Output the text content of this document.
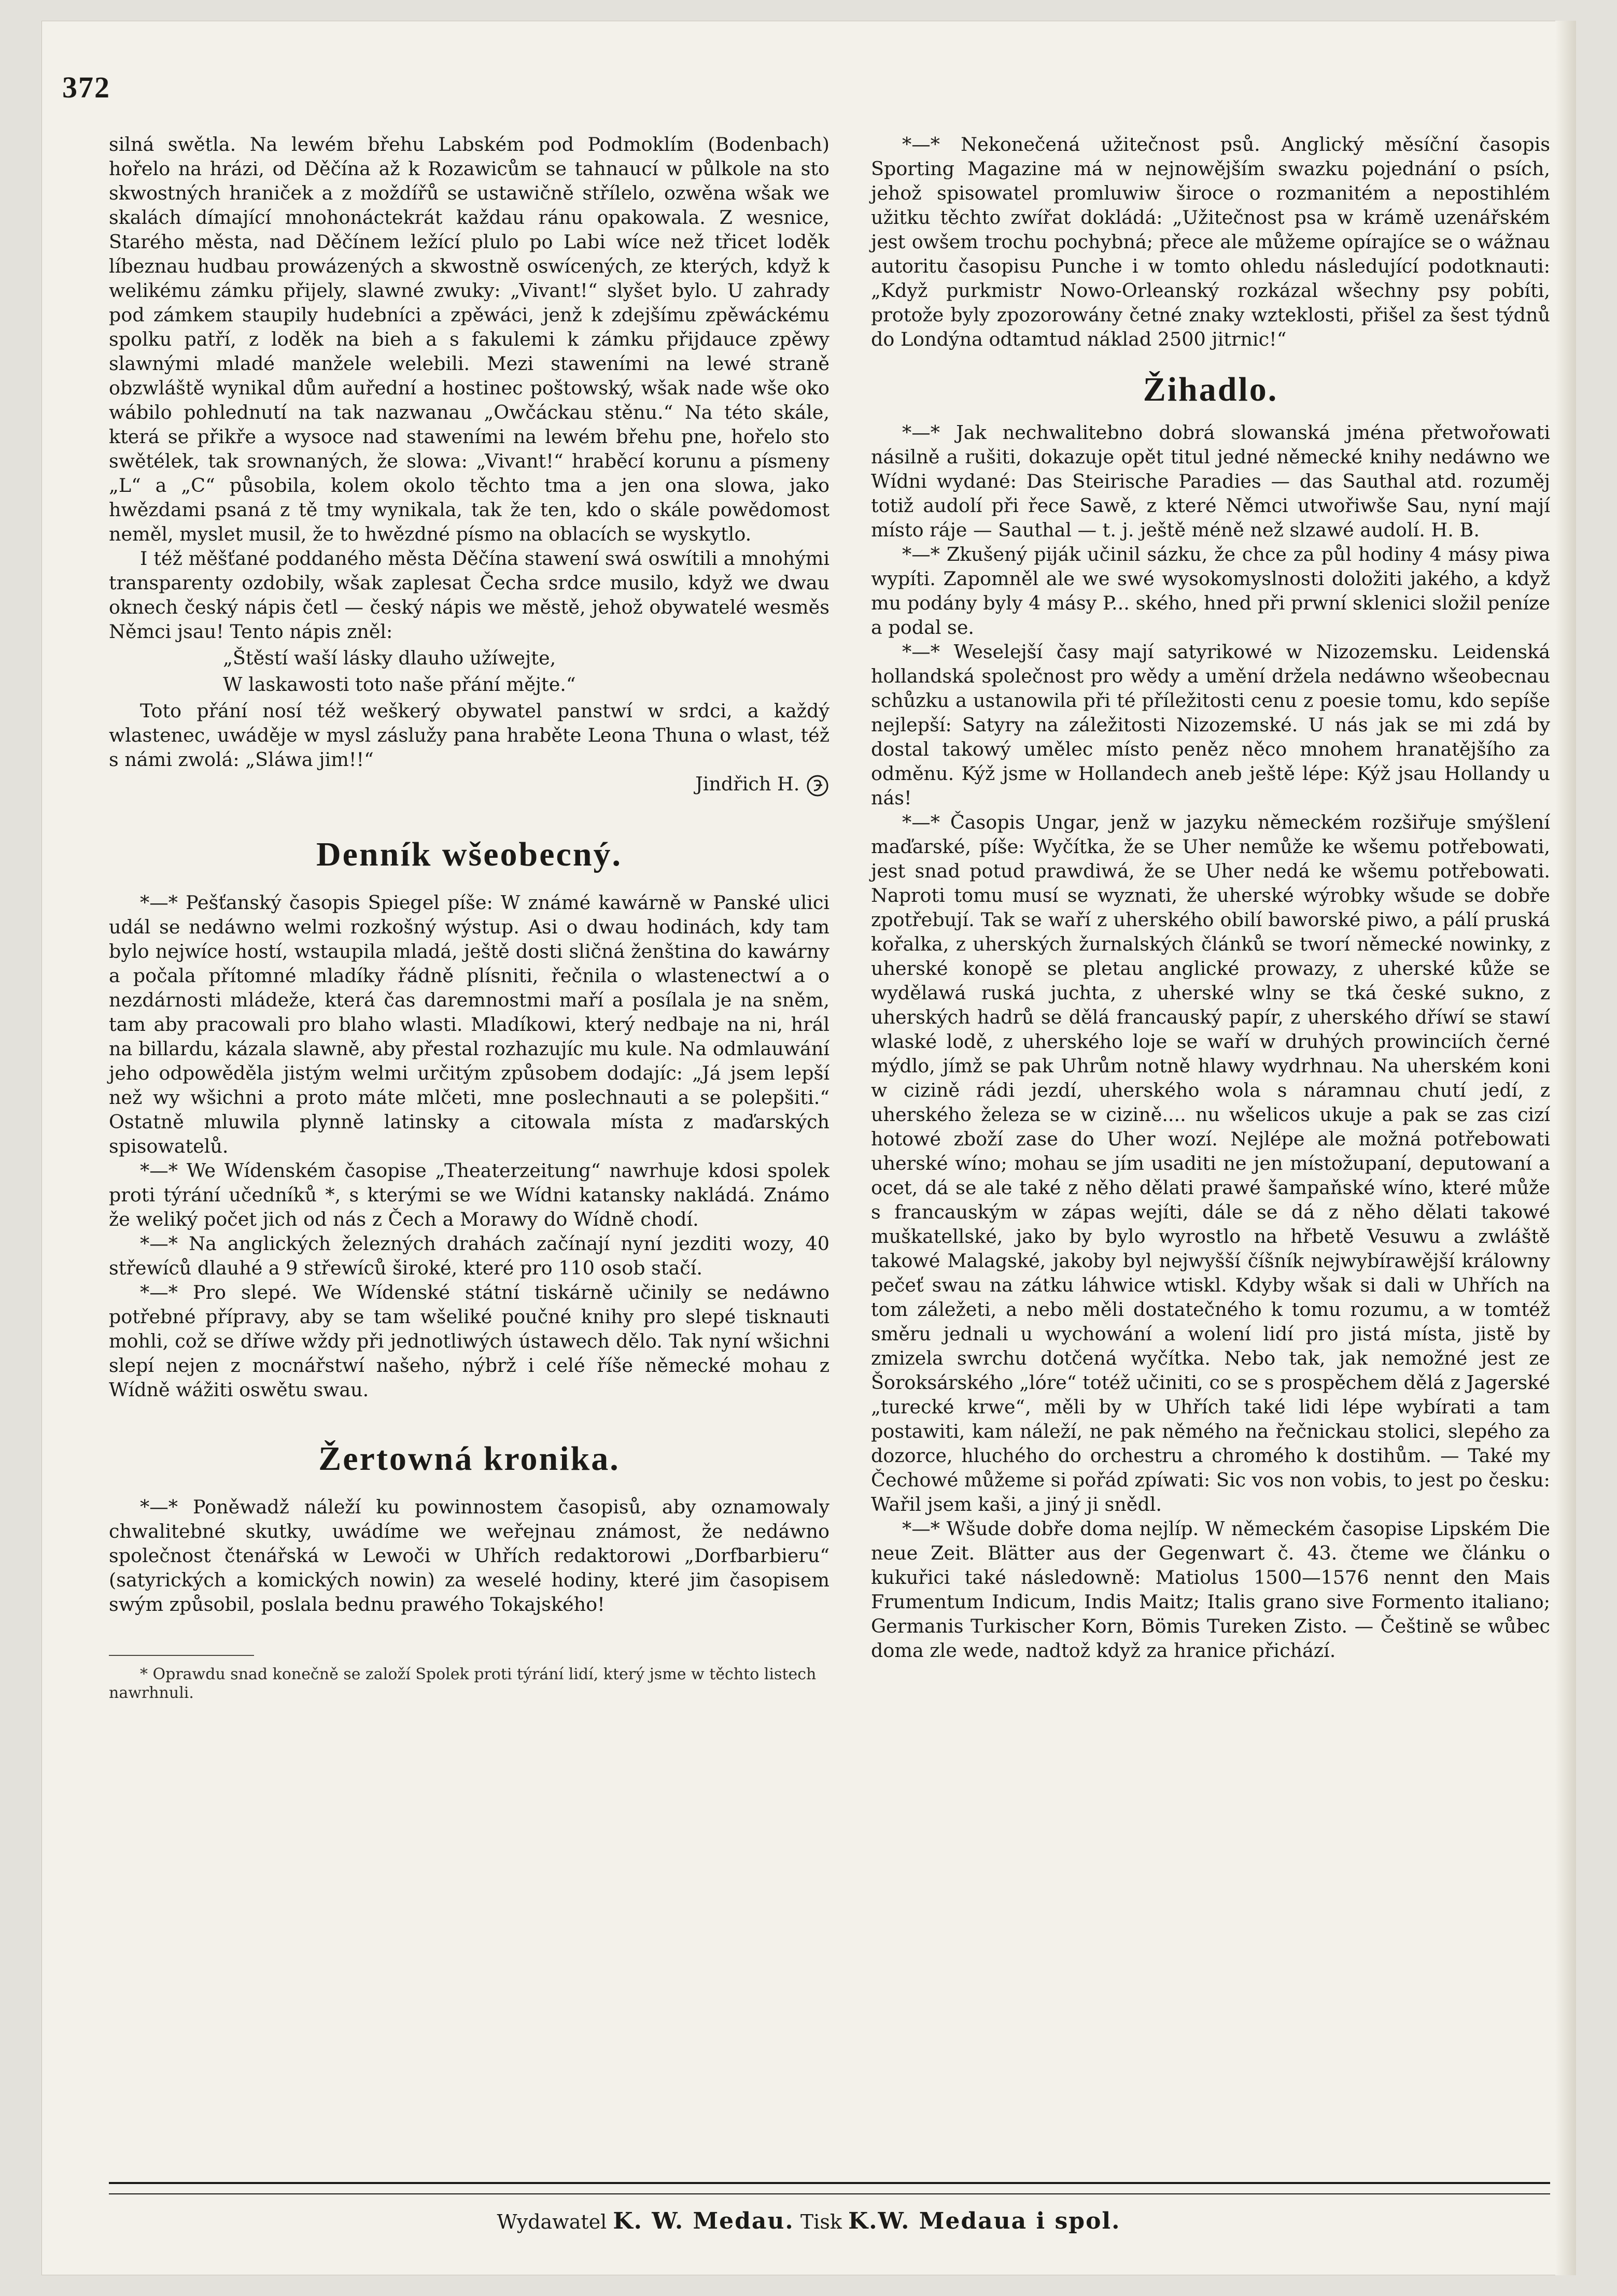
372

silná swětla. Na lewém břehu Labském pod Podmoklím (Bodenbach) hořelo na hrázi, od Děčína až k Rozawicům se tahnaucí w půlkole na sto skwostných hraniček a z moždířů se ustawičně střílelo, ozwěna wšak we skalách dímající mnohonáctekrát každau ránu opakowala. Z wesnice, Starého města, nad Děčínem ležící plulo po Labi wíce než třicet loděk líbeznau hudbau prowázených a skwostně oswícených, ze kterých, když k welikému zámku přijely, slawné zwuky: „Vivant!“ slyšet bylo. U zahrady pod zámkem staupily hudebníci a zpěwáci, jenž k zdejšímu zpěwáckému spolku patří, z loděk na bieh a s fakulemi k zámku přijdauce zpěwy slawnými mladé manžele welebili. Mezi staweními na lewé straně obzwláště wynikal dům auřední a hostinec poštowský, wšak nade wše oko wábilo pohlednutí na tak nazwanau „Owčáckau stěnu.“ Na této skále, která se přikře a wysoce nad staweními na lewém břehu pne, hořelo sto swětélek, tak srownaných, že slowa: „Vivant!“ hraběcí korunu a písmeny „L“ a „C“ působila, kolem okolo těchto tma a jen ona slowa, jako hwězdami psaná z tě tmy wynikala, tak že ten, kdo o skále powědomost neměl, myslet musil, že to hwězdné písmo na oblacích se wyskytlo.

I též měšťané poddaného města Děčína stawení swá oswítili a mnohými transparenty ozdobily, wšak zaplesat Čecha srdce musilo, když we dwau oknech český nápis četl — český nápis we městě, jehož obywatelé wesměs Němci jsau! Tento nápis zněl:

„Štěstí waší lásky dlauho užíwejte,

W laskawosti toto naše přání mějte.“

Toto přání nosí též weškerý obywatel panstwí w srdci, a každý wlastenec, uwáděje w mysl záslužy pana hraběte Leona Thuna o wlast, též s námi zwolá: „Sláwa jim!!“

Jindřich H.

Denník wšeobecný.

*—* Pešťanský časopis Spiegel píše: W známé kawárně w Panské ulici udál se nedáwno welmi rozkošný wýstup. Asi o dwau hodinách, kdy tam bylo nejwíce hostí, wstaupila mladá, ještě dosti sličná ženština do kawárny a počala přítomné mladíky řádně plísniti, řečnila o wlastenectwí a o nezdárnosti mládeže, která čas daremnostmi maří a posílala je na sněm, tam aby pracowali pro blaho wlasti. Mladíkowi, který nedbaje na ni, hrál na billardu, kázala slawně, aby přestal rozhazujíc mu kule. Na odmlauwání jeho odpowěděla jistým welmi určitým způsobem dodajíc: „Já jsem lepší než wy wšichni a proto máte mlčeti, mne poslechnauti a se polepšiti.“ Ostatně mluwila plynně latinsky a citowala místa z maďarských spisowatelů.

*—* We Wídenském časopise „Theaterzeitung“ nawrhuje kdosi spolek proti týrání učedníků *, s kterými se we Wídni katansky nakládá. Známo že weliký počet jich od nás z Čech a Morawy do Wídně chodí.

*—* Na anglických železných drahách začínají nyní jezditi wozy, 40 střewíců dlauhé a 9 střewíců široké, které pro 110 osob stačí.

*—* Pro slepé. We Wídenské státní tiskárně učinily se nedáwno potřebné přípravy, aby se tam wšeliké poučné knihy pro slepé tisknauti mohli, což se dříwe wždy při jednotliwých ústawech dělo. Tak nyní wšichni slepí nejen z mocnářstwí našeho, nýbrž i celé říše německé mohau z Wídně wážiti oswětu swau.

Žertowná kronika.

*—* Poněwadž náleží ku powinnostem časopisů, aby oznamowaly chwalitebné skutky, uwádíme we weřejnau známost, že nedáwno společnost čtenářská w Lewoči w Uhřích redaktorowi „Dorfbarbieru“ (satyrických a komických nowin) za weselé hodiny, které jim časopisem swým způsobil, poslala bednu prawého Tokajského!

* Oprawdu snad konečně se založí Spolek proti týrání lidí, který jsme w těchto listech nawrhnuli.

*—* Nekonečená užitečnost psů. Anglický měsíční časopis Sporting Magazine má w nejnowějším swazku pojednání o psích, jehož spisowatel promluwiw široce o rozmanitém a nepostihlém užitku těchto zwířat dokládá: „Užitečnost psa w krámě uzenářském jest owšem trochu pochybná; přece ale můžeme opírajíce se o wážnau autoritu časopisu Punche i w tomto ohledu následující podotknauti: „Když purkmistr Nowo-Orleanský rozkázal wšechny psy pobíti, protože byly zpozorowány četné znaky wzteklosti, přišel za šest týdnů do Londýna odtamtud náklad 2500 jitrnic!“

Žihadlo.

*—* Jak nechwalitebno dobrá slowanská jména přetwořowati násilně a rušiti, dokazuje opět titul jedné německé knihy nedáwno we Wídni wydané: Das Steirische Paradies — das Sauthal atd. rozuměj totiž audolí při řece Sawě, z které Němci utwořiwše Sau, nyní mají místo ráje — Sauthal — t. j. ještě méně než slzawé audolí. H. B.

*—* Zkušený piják učinil sázku, že chce za půl hodiny 4 másy piwa wypíti. Zapomněl ale we swé wysokomyslnosti doložiti jakého, a když mu podány byly 4 másy P... ského, hned při prwní sklenici složil peníze a podal se.

*—* Weselejší časy mají satyrikowé w Nizozemsku. Leidenská hollandská společnost pro wědy a umění držela nedáwno wšeobecnau schůzku a ustanowila při té příležitosti cenu z poesie tomu, kdo sepíše nejlepší: Satyry na záležitosti Nizozemské. U nás jak se mi zdá by dostal takowý umělec místo peněz něco mnohem hranatějšího za odměnu. Kýž jsme w Hollandech aneb ještě lépe: Kýž jsau Hollandy u nás!

*—* Časopis Ungar, jenž w jazyku německém rozšiřuje smýšlení maďarské, píše: Wyčítka, že se Uher nemůže ke wšemu potřebowati, jest snad potud prawdiwá, že se Uher nedá ke wšemu potřebowati. Naproti tomu musí se wyznati, že uherské wýrobky wšude se dobře zpotřebují. Tak se waří z uherského obilí baworské piwo, a pálí pruská kořalka, z uherských žurnalských článků se tworí německé nowinky, z uherské konopě se pletau anglické prowazy, z uherské kůže se wydělawá ruská juchta, z uherské wlny se tká české sukno, z uherských hadrů se dělá francauský papír, z uherského dříwí se stawí wlaské lodě, z uherského loje se waří w druhých prowinciích černé mýdlo, jímž se pak Uhrům notně hlawy wydrhnau. Na uherském koni w cizině rádi jezdí, uherského wola s náramnau chutí jedí, z uherského železa se w cizině.... nu wšelicos ukuje a pak se zas cizí hotowé zboží zase do Uher wozí. Nejlépe ale možná potřebowati uherské wíno; mohau se jím usaditi ne jen místožupaní, deputowaní a ocet, dá se ale také z něho dělati prawé šampaňské wíno, které může s francauským w zápas wejíti, dále se dá z něho dělati takowé muškatellské, jako by bylo wyrostlo na hřbetě Vesuwu a zwláště takowé Malagské, jakoby byl nejwyšší číšník nejwybírawější králowny pečeť swau na zátku láhwice wtiskl. Kdyby wšak si dali w Uhřích na tom záležeti, a nebo měli dostatečného k tomu rozumu, a w tomtéž směru jednali u wychowání a wolení lidí pro jistá místa, jistě by zmizela swrchu dotčená wyčítka. Nebo tak, jak nemožné jest ze Šoroksárského „lóre“ totéž učiniti, co se s prospěchem dělá z Jagerské „turecké krwe“, měli by w Uhřích také lidi lépe wybírati a tam postawiti, kam náleží, ne pak němého na řečnickau stolici, slepého za dozorce, hluchého do orchestru a chromého k dostihům. — Také my Čechowé můžeme si pořád zpíwati: Sic vos non vobis, to jest po česku: Wařil jsem kaši, a jiný ji snědl.

*—* Wšude dobře doma nejlíp. W německém časopise Lipském Die neue Zeit. Blätter aus der Gegenwart č. 43. čteme we článku o kukuřici také následowně: Matiolus 1500—1576 nennt den Mais Frumentum Indicum, Indis Maitz; Italis grano sive Formento italiano; Germanis Turkischer Korn, Bömis Tureken Zisto. — Češtině se wůbec doma zle wede, nadtož když za hranice přichází.

Wydawatel K. W. Medau. Tisk K.W. Medaua i spol.
